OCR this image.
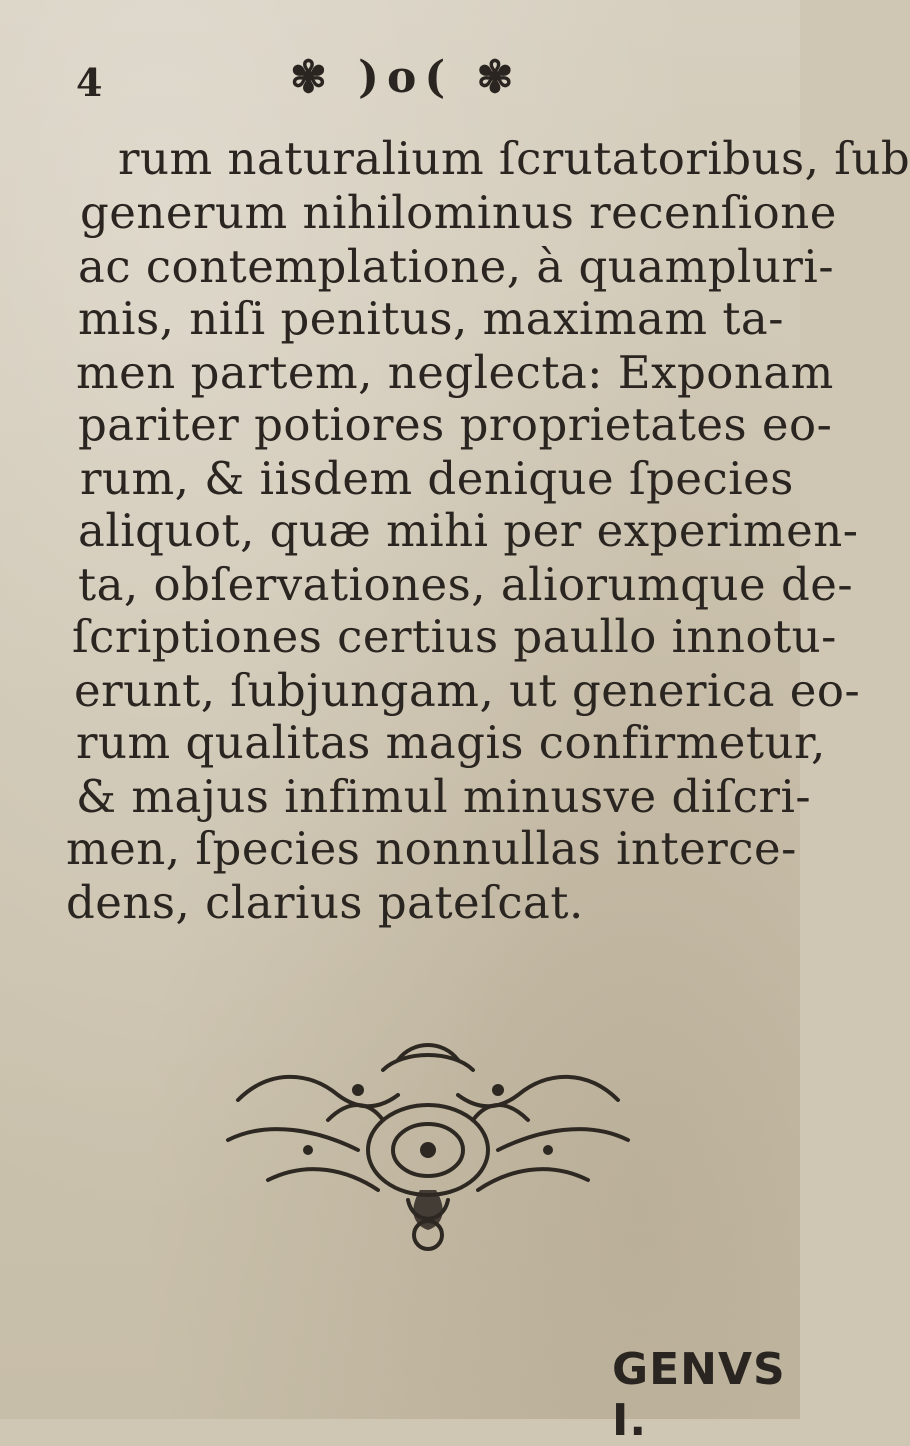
4	✾ )o( ✾
rum naturalium ſcrutatoribus, ſub
generum nihilominus recenſione
ac contemplatione, à quampluri-
mis, niſi penitus, maximam ta-
men partem, neglecta: Exponam
pariter potiores proprietates eo-
rum, & iisdem denique ſpecies
aliquot, quæ mihi per experimen-
ta, obſervationes, aliorumque de-
ſcriptiones certius paullo innotu-
erunt, ſubjungam, ut generica eo-
rum qualitas magis confirmetur,
& majus infimul minusve diſcri-
men, ſpecies nonnullas interce-
dens, clarius pateſcat.
GENVS I.
